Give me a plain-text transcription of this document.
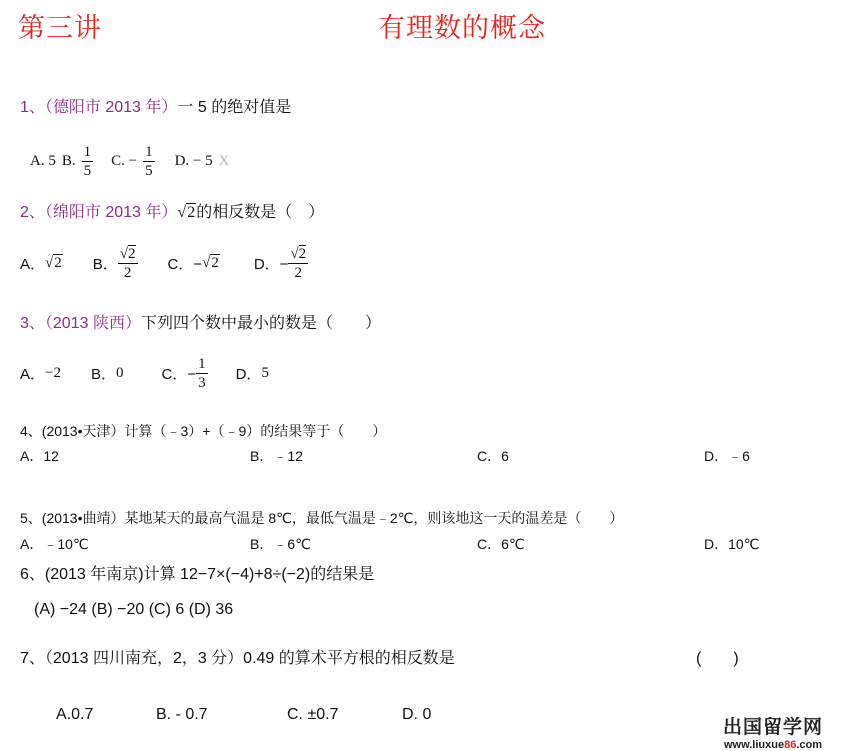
第三讲	有理数的概念
1、（德阳市 2013 年）一 5 的绝对值是
A. 5 B. $\frac{1}{5} C$. − $\frac{1}{5} D$. − 5 X
2、（绵阳市 2013 年）√2的相反数是（　）
A． √2 B． $\frac{√2}{2}$ C．− √2 D．− $\frac{√2}{2}$
3、（2013 陕西）下列四个数中最小的数是（　　）
A． −2 B． 0	C．− $\frac{1}{3}$ D． 5
4、(2013•天津）计算（﹣3）+（﹣9）的结果等于（　　）
A．12	B．﹣12	C．6	D．﹣6
5、(2013•曲靖）某地某天的最高气温是 8℃，最低气温是﹣2℃，则该地这一天的温差是（　　）
A．﹣10℃	B．﹣6℃	C．6℃	D．10℃
6、(2013 年南京)计算 12−7×(−4)+8÷(−2)的结果是
(A) −24 (B) −20 (C) 6 (D) 36
7、（2013 四川南充，2，3 分）0.49 的算术平方根的相反数是	(　　)
A.0.7	B. - 0.7	C. ±0.7	D. 0
出国留学网
www.liuxue86.com
